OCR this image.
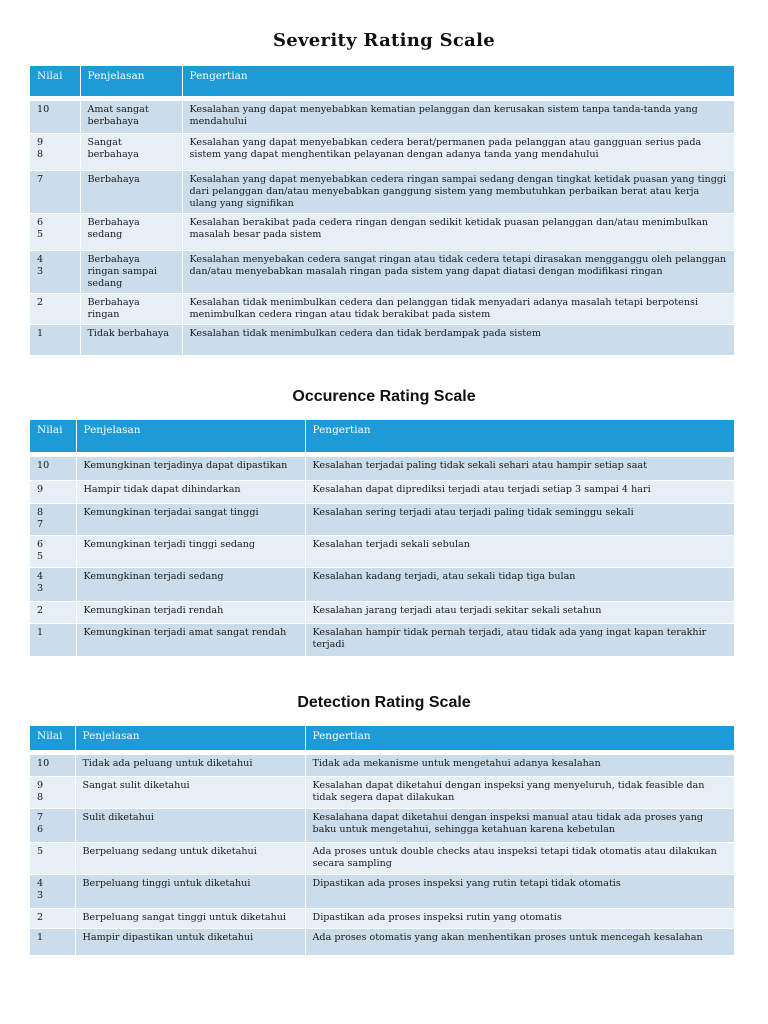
Severity Rating Scale
Nilai	Penjelasan	Pengertian

10	Amat sangat berbahaya	Kesalahan yang dapat menyebabkan kematian pelanggan dan kerusakan sistem tanpa tanda-tanda yang mendahului
9
8	Sangat berbahaya	Kesalahan yang dapat menyebabkan cedera berat/permanen pada pelanggan atau gangguan serius pada sistem yang dapat menghentikan pelayanan dengan adanya tanda yang mendahului
7	Berbahaya	Kesalahan yang dapat menyebabkan cedera ringan sampai sedang dengan tingkat ketidak puasan yang tinggi dari pelanggan dan/atau menyebabkan ganggung sistem yang membutuhkan perbaikan berat atau kerja ulang yang signifikan
6
5	Berbahaya sedang	Kesalahan berakibat pada cedera ringan dengan sedikit ketidak puasan pelanggan dan/atau menimbulkan masalah besar pada sistem
4
3	Berbahaya ringan sampai sedang	Kesalahan menyebakan cedera sangat ringan atau tidak cedera tetapi dirasakan mengganggu oleh pelanggan dan/atau menyebabkan masalah ringan pada sistem yang dapat diatasi dengan modifikasi ringan
2	Berbahaya ringan	Kesalahan tidak menimbulkan cedera dan pelanggan tidak menyadari adanya masalah tetapi berpotensi menimbulkan cedera ringan atau tidak berakibat pada sistem
1	Tidak berbahaya	Kesalahan tidak menimbulkan cedera dan tidak berdampak pada sistem
Occurence Rating Scale
Nilai	Penjelasan	Pengertian

10	Kemungkinan terjadinya dapat dipastikan	Kesalahan terjadai paling tidak sekali sehari atau hampir setiap saat
9	Hampir tidak dapat dihindarkan	Kesalahan dapat diprediksi terjadi atau terjadi setiap 3 sampai 4 hari
8
7	Kemungkinan terjadai sangat tinggi	Kesalahan sering terjadi atau terjadi paling tidak seminggu sekali
6
5	Kemungkinan terjadi tinggi sedang	Kesalahan terjadi sekali sebulan
4
3	Kemungkinan terjadi sedang	Kesalahan kadang terjadi, atau sekali tidap tiga bulan
2	Kemungkinan terjadi rendah	Kesalahan jarang terjadi atau terjadi sekitar sekali setahun
1	Kemungkinan terjadi amat sangat rendah	Kesalahan hampir tidak pernah terjadi, atau tidak ada yang ingat kapan terakhir terjadi
Detection Rating Scale
Nilai	Penjelasan	Pengertian

10	Tidak ada peluang untuk diketahui	Tidak ada mekanisme untuk mengetahui adanya kesalahan
9
8	Sangat sulit diketahui	Kesalahan dapat diketahui dengan inspeksi yang menyeluruh, tidak feasible dan tidak segera dapat dilakukan
7
6	Sulit diketahui	Kesalahana dapat diketahui dengan inspeksi manual atau tidak ada proses yang baku untuk mengetahui, sehingga ketahuan karena kebetulan
5	Berpeluang sedang untuk diketahui	Ada proses untuk double checks atau inspeksi tetapi tidak otomatis atau dilakukan secara sampling
4
3	Berpeluang tinggi untuk diketahui	Dipastikan ada proses inspeksi yang rutin tetapi tidak otomatis
2	Berpeluang sangat tinggi untuk diketahui	Dipastikan ada proses inspeksi rutin yang otomatis
1	Hampir dipastikan untuk diketahui	Ada proses otomatis yang akan menhentikan proses untuk mencegah kesalahan
